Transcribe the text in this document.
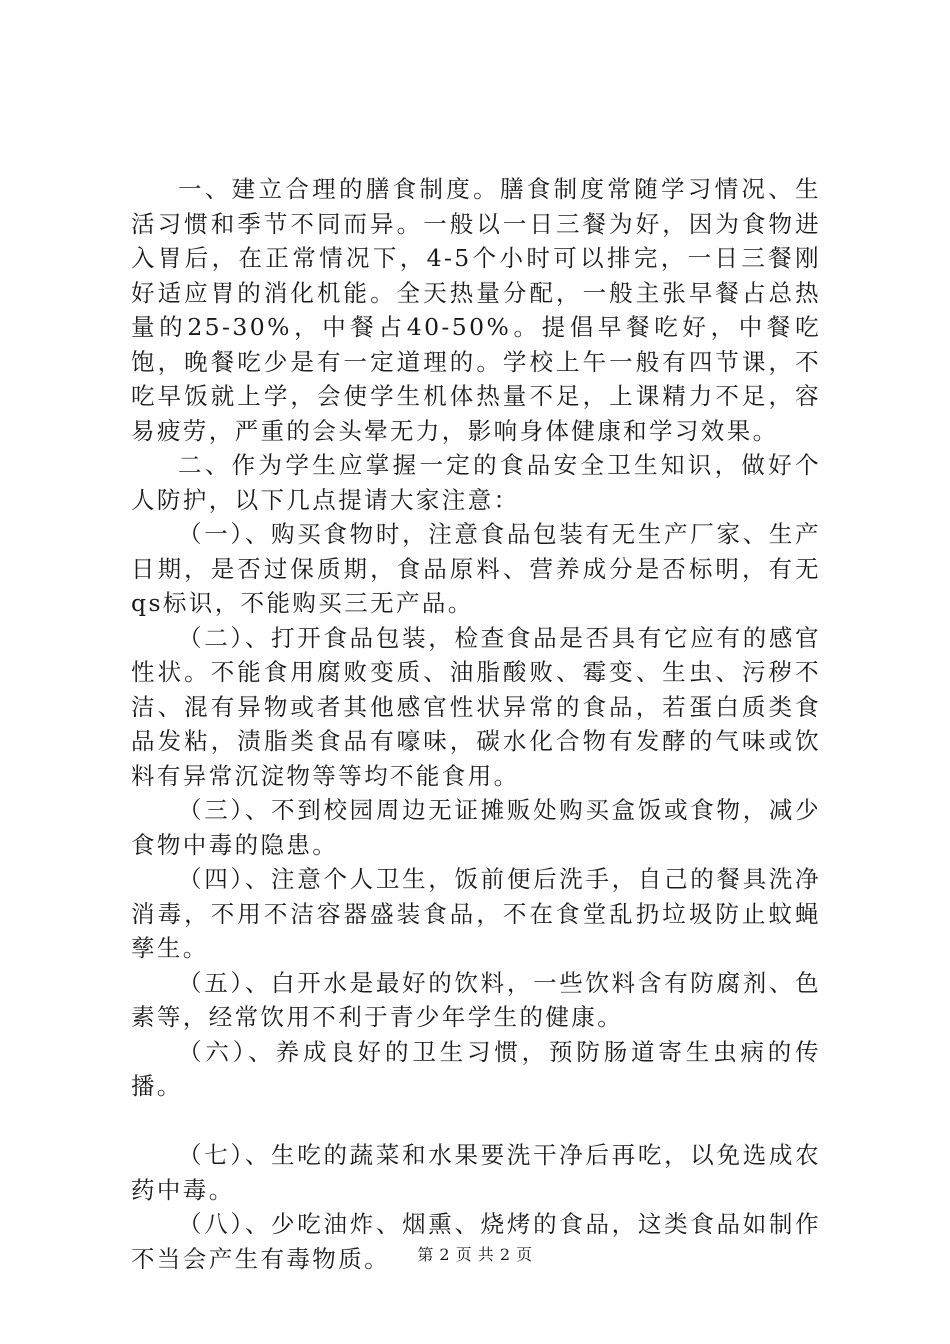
一、建立合理的膳食制度。膳食制度常随学习情况、生活习惯和季节不同而异。一般以一日三餐为好，因为食物进入胃后，在正常情况下，4-5个小时可以排完，一日三餐刚好适应胃的消化机能。全天热量分配，一般主张早餐占总热量的25-30%，中餐占40-50%。提倡早餐吃好，中餐吃饱，晚餐吃少是有一定道理的。学校上午一般有四节课，不吃早饭就上学，会使学生机体热量不足，上课精力不足，容易疲劳，严重的会头晕无力，影响身体健康和学习效果。

二、作为学生应掌握一定的食品安全卫生知识，做好个人防护，以下几点提请大家注意：

（一）、购买食物时，注意食品包装有无生产厂家、生产日期，是否过保质期，食品原料、营养成分是否标明，有无qs标识，不能购买三无产品。

（二）、打开食品包装，检查食品是否具有它应有的感官性状。不能食用腐败变质、油脂酸败、霉变、生虫、污秽不洁、混有异物或者其他感官性状异常的食品，若蛋白质类食品发粘，渍脂类食品有嚎味，碳水化合物有发酵的气味或饮料有异常沉淀物等等均不能食用。

（三）、不到校园周边无证摊贩处购买盒饭或食物，减少食物中毒的隐患。

（四）、注意个人卫生，饭前便后洗手，自己的餐具洗净消毒，不用不洁容器盛装食品，不在食堂乱扔垃圾防止蚊蝇孳生。

（五）、白开水是最好的饮料，一些饮料含有防腐剂、色素等，经常饮用不利于青少年学生的健康。

（六）、养成良好的卫生习惯，预防肠道寄生虫病的传播。

（七）、生吃的蔬菜和水果要洗干净后再吃，以免选成农药中毒。

（八）、少吃油炸、烟熏、烧烤的食品，这类食品如制作不当会产生有毒物质。	第 2 页 共 2 页
